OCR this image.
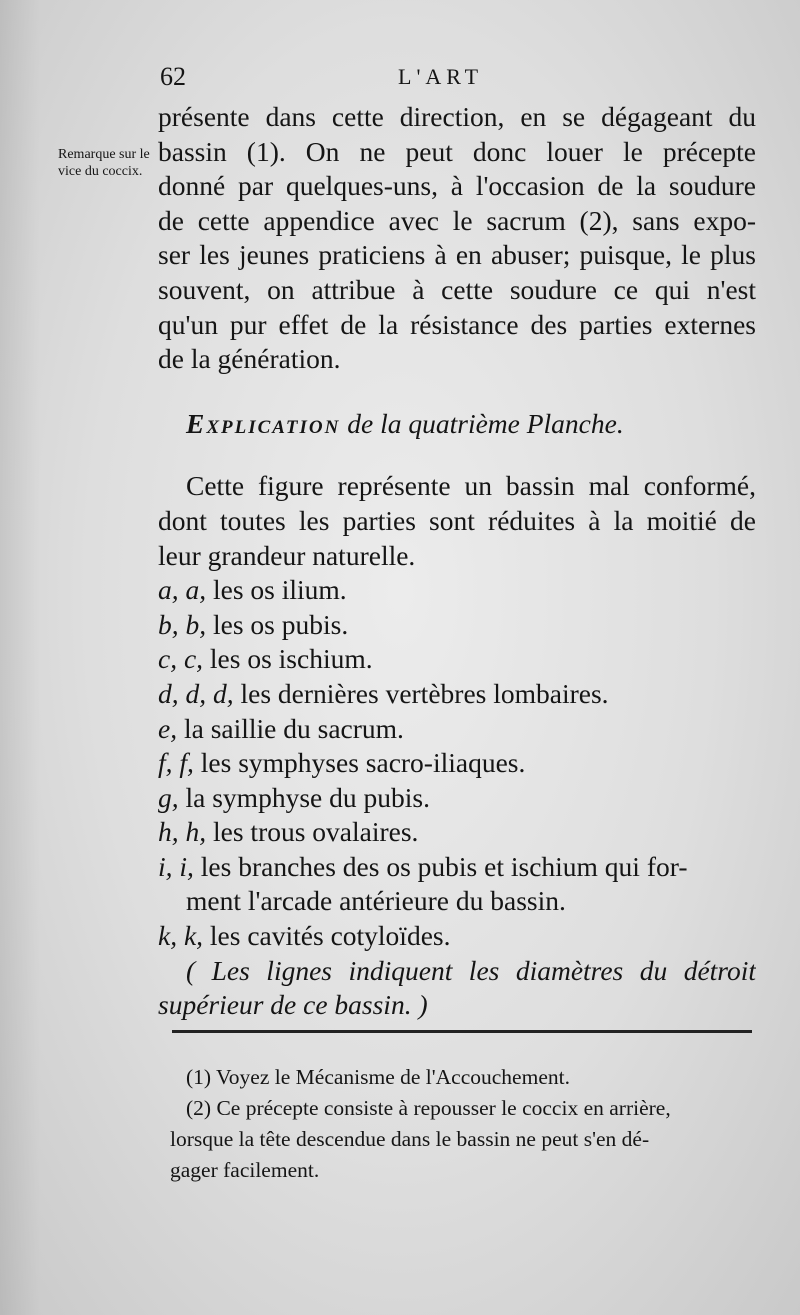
62	L'ART
Remarque sur le vice du coccix.
présente dans cette direction, en se dégageant du
bassin (1). On ne peut donc louer le précepte
donné par quelques-uns, à l'occasion de la soudure
de cette appendice avec le sacrum (2), sans expo-
ser les jeunes praticiens à en abuser; puisque, le plus
souvent, on attribue à cette soudure ce qui n'est
qu'un pur effet de la résistance des parties externes
de la génération.
Explication de la quatrième Planche.
Cette figure représente un bassin mal conformé,
dont toutes les parties sont réduites à la moitié de
leur grandeur naturelle.
a, a, les os ilium.
b, b, les os pubis.
c, c, les os ischium.
d, d, d, les dernières vertèbres lombaires.
e, la saillie du sacrum.
f, f, les symphyses sacro-iliaques.
g, la symphyse du pubis.
h, h, les trous ovalaires.
i, i, les branches des os pubis et ischium qui for-
ment l'arcade antérieure du bassin.
k, k, les cavités cotyloïdes.
( Les lignes indiquent les diamètres du détroit
supérieur de ce bassin. )
(1) Voyez le Mécanisme de l'Accouchement.
(2) Ce précepte consiste à repousser le coccix en arrière,
lorsque la tête descendue dans le bassin ne peut s'en dé-
gager facilement.
